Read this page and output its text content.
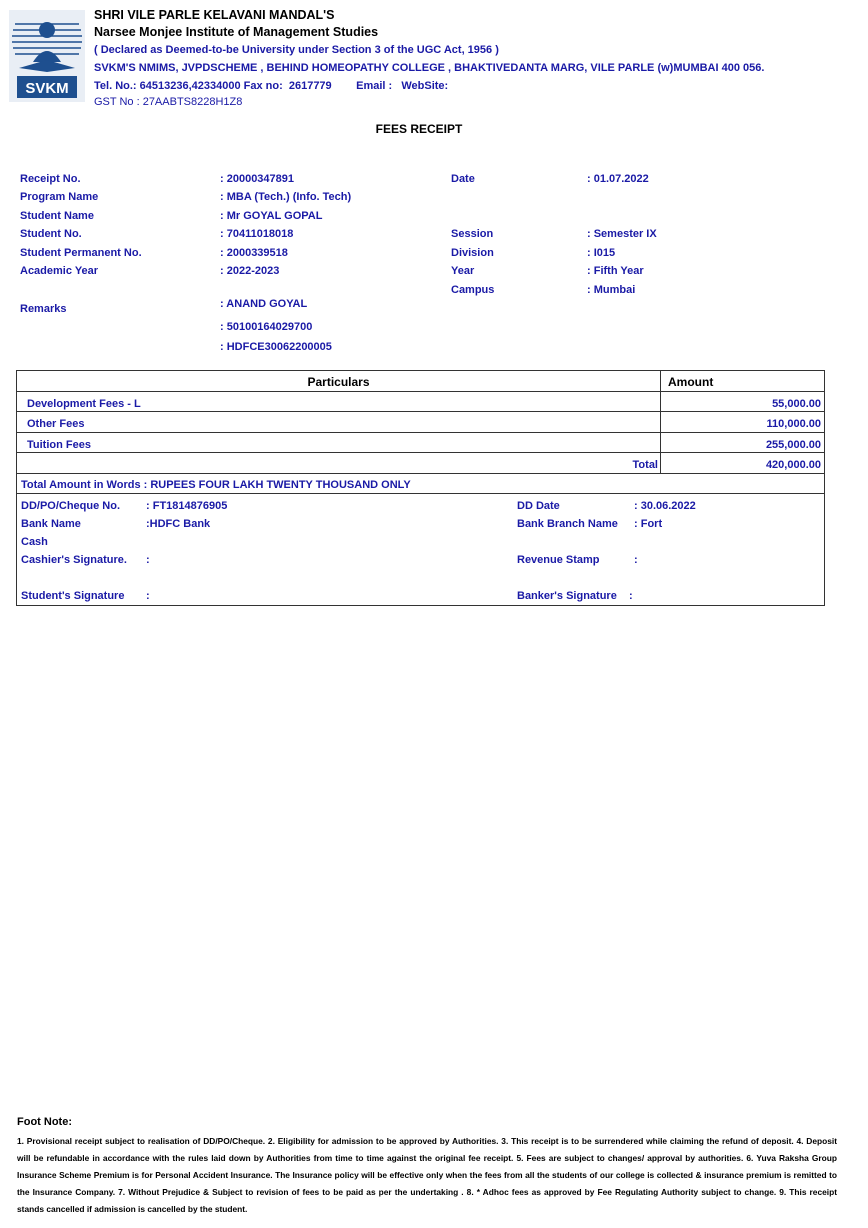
SVKM
SHRI VILE PARLE KELAVANI MANDAL'S
Narsee Monjee Institute of Management Studies
( Declared as Deemed-to-be University under Section 3 of the UGC Act, 1956 )
SVKM'S NMIMS, JVPDSCHEME , BEHIND HOMEOPATHY COLLEGE , BHAKTIVEDANTA MARG, VILE PARLE (w)MUMBAI 400 056.
Tel. No.: 64513236,42334000 Fax no:  2617779        Email :   WebSite:
GST No : 27AABTS8228H1Z8
FEES RECEIPT
Receipt No.	: 20000347891
Program Name	: MBA (Tech.) (Info. Tech)
Student Name	: Mr GOYAL GOPAL
Student No.	: 70411018018
Student Permanent No.	: 2000339518
Academic Year	: 2022-2023
Remarks	: ANAND GOYAL
: 50100164029700
: HDFCE30062200005
Date	: 01.07.2022
Session	: Semester IX
Division	: I015
Year	: Fifth Year
Campus	: Mumbai
Particulars	Amount
Development Fees - L	55,000.00
Other Fees	110,000.00
Tuition Fees	255,000.00
Total	420,000.00
Total Amount in Words : RUPEES FOUR LAKH TWENTY THOUSAND ONLY
DD/PO/Cheque No. : FT1814876905	DD Date	: 30.06.2022
Bank Name	:HDFC Bank	Bank Branch Name : Fort
Cash
Cashier's Signature. :	Revenue Stamp	:
Student's Signature :	Banker's Signature :
Foot Note:
1. Provisional receipt subject to realisation of DD/PO/Cheque. 2. Eligibility for admission to be approved by Authorities. 3. This receipt is to be surrendered while claiming the refund of deposit. 4. Deposit will be refundable in accordance with the rules laid down by Authorities from time to time against the original fee receipt. 5. Fees are subject to changes/ approval by authorities. 6. Yuva Raksha Group Insurance Scheme Premium is for Personal Accident Insurance. The Insurance policy will be effective only when the fees from all the students of our college is collected & insurance premium is remitted to the Insurance Company. 7. Without Prejudice & Subject to revision of fees to be paid as per the undertaking . 8. * Adhoc fees as approved by Fee Regulating Authority subject to change. 9. This receipt stands cancelled if admission is cancelled by the student.
